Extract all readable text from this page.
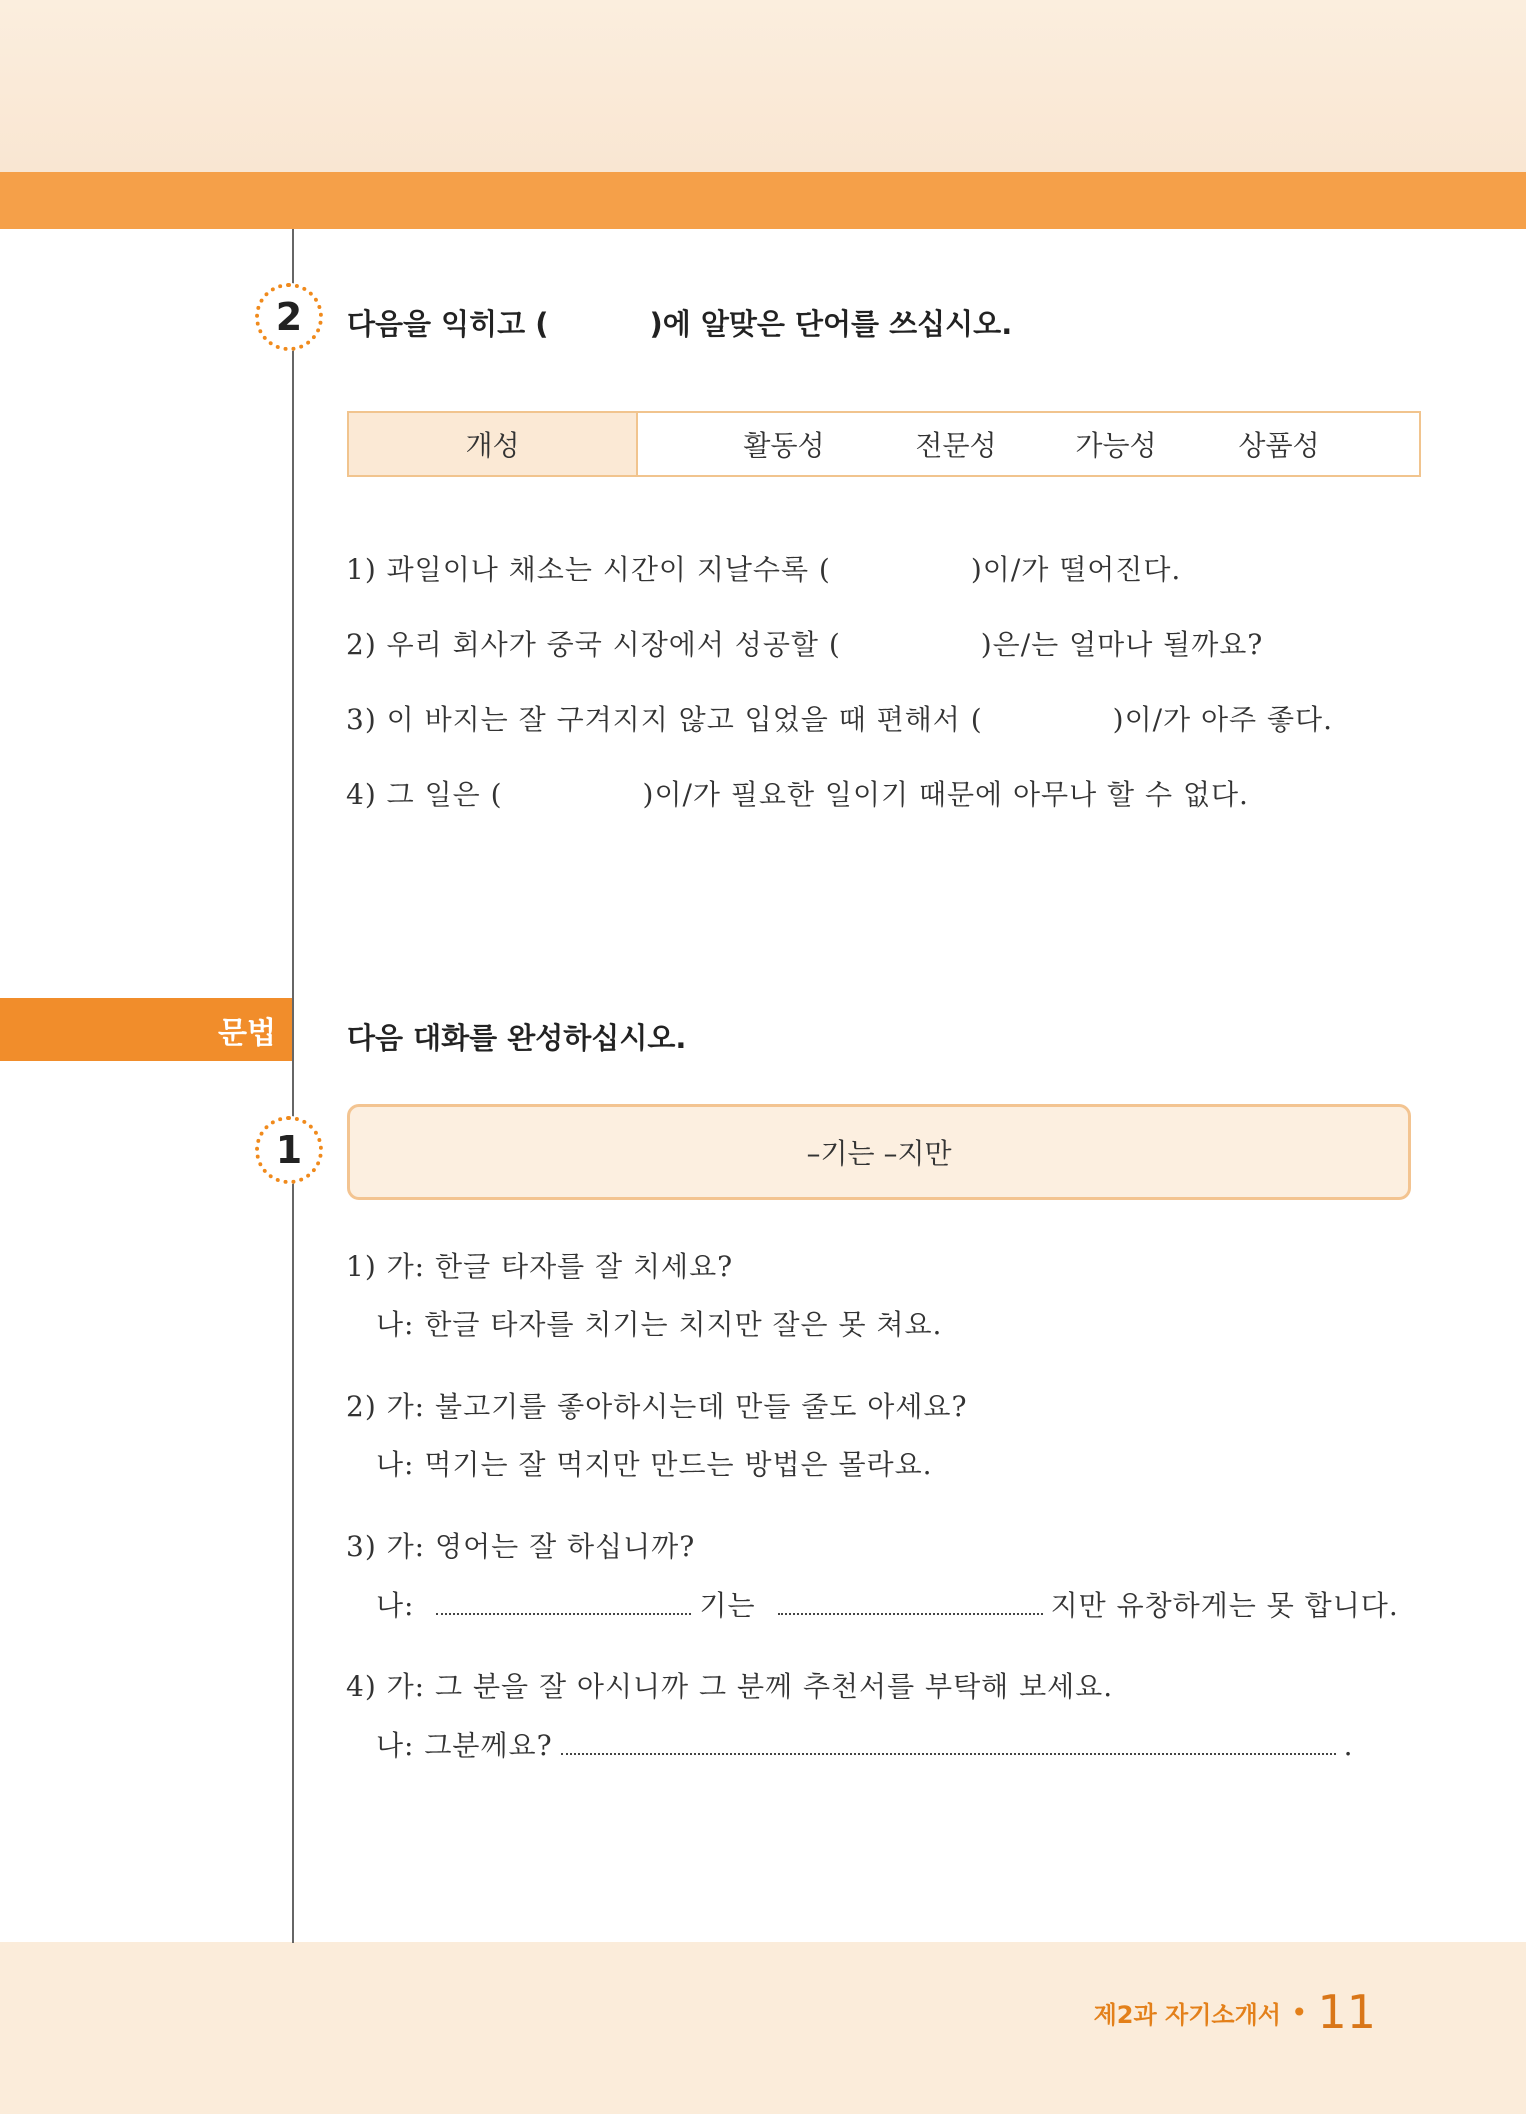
2	다음을 익히고 (          )에 알맞은 단어를 쓰십시오.
개성	활동성	전문성	가능성	상품성
1) 과일이나 채소는 시간이 지날수록 (	)이/가 떨어진다.
2) 우리 회사가 중국 시장에서 성공할 (	)은/는 얼마나 될까요?
3) 이 바지는 잘 구겨지지 않고 입었을 때 편해서 (	)이/가 아주 좋다.
4) 그 일은 (	)이/가 필요한 일이기 때문에 아무나 할 수 없다.
문법	다음 대화를 완성하십시오.
1	–기는 –지만
1) 가: 한글 타자를 잘 치세요?
나: 한글 타자를 치기는 치지만 잘은 못 쳐요.
2) 가: 불고기를 좋아하시는데 만들 줄도 아세요?
나: 먹기는 잘 먹지만 만드는 방법은 몰라요.
3) 가: 영어는 잘 하십니까?
나:	기는	지만 유창하게는 못 합니다.
4) 가: 그 분을 잘 아시니까 그 분께 추천서를 부탁해 보세요.
나: 그분께요?	.
제2과 자기소개서 • 11
